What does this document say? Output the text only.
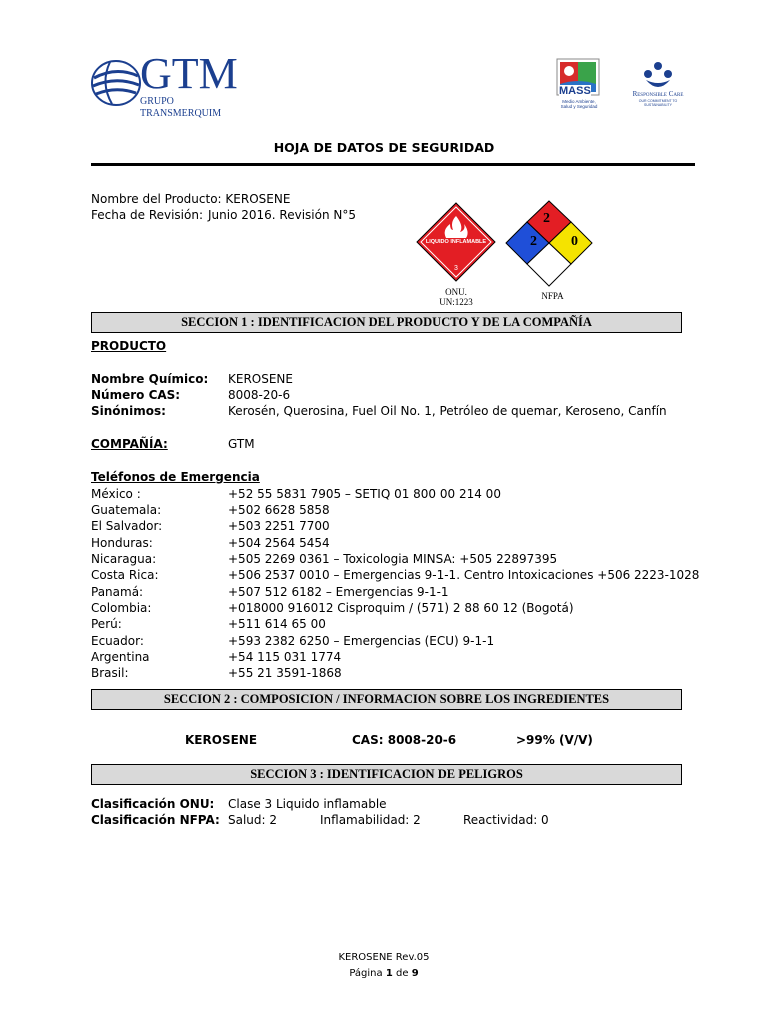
GTM
GRUPO TRANSMERQUIM
MASS
Medio Ambiente, Salud y Seguridad
Responsible Care
OUR COMMITMENT TO SUSTAINABILITY
HOJA DE DATOS DE SEGURIDAD
Nombre del Producto: KEROSENE
Fecha de Revisión: Junio 2016. Revisión N°5
LIQUIDO INFLAMABLE
3
ONU.
UN:1223
2
2 0
NFPA
SECCION 1 : IDENTIFICACION DEL PRODUCTO Y DE LA COMPAÑÍA
PRODUCTO
Nombre Químico: KEROSENE
Número CAS:	8008-20-6
Sinónimos:	Kerosén, Querosina, Fuel Oil No. 1, Petróleo de quemar, Keroseno, Canfín
COMPAÑÍA:	GTM
Teléfonos de Emergencia
México :	+52 55 5831 7905 – SETIQ 01 800 00 214 00
Guatemala:	+502 6628 5858
El Salvador:	+503 2251 7700
Honduras:	+504 2564 5454
Nicaragua:	+505 2269 0361 – Toxicologia MINSA: +505 22897395
Costa Rica:	+506 2537 0010 – Emergencias 9-1-1. Centro Intoxicaciones +506 2223-1028
Panamá:	+507 512 6182 – Emergencias 9-1-1
Colombia:	+018000 916012 Cisproquim / (571) 2 88 60 12 (Bogotá)
Perú:	+511 614 65 00
Ecuador:	+593 2382 6250 – Emergencias (ECU) 9-1-1
Argentina	+54 115 031 1774
Brasil:	+55 21 3591-1868
SECCION 2 : COMPOSICION / INFORMACION SOBRE LOS INGREDIENTES
KEROSENE	CAS: 8008-20-6	>99% (V/V)
SECCION 3 : IDENTIFICACION DE PELIGROS
Clasificación ONU: Clase 3 Liquido inflamable
Clasificación NFPA: Salud: 2	Inflamabilidad: 2	Reactividad: 0
KEROSENE Rev.05
Página 1 de 9
